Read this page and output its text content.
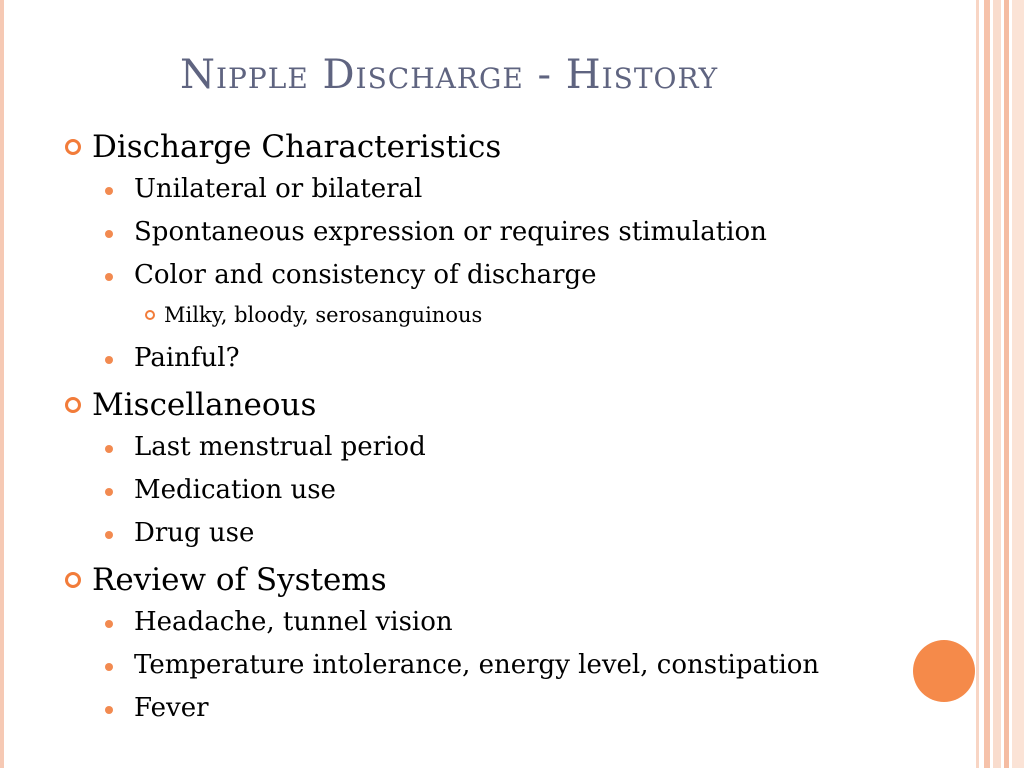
Nipple Discharge - History
Discharge Characteristics
Unilateral or bilateral
Spontaneous expression or requires stimulation
Color and consistency of discharge
Milky, bloody, serosanguinous
Painful?
Miscellaneous
Last menstrual period
Medication use
Drug use
Review of Systems
Headache, tunnel vision
Temperature intolerance, energy level, constipation
Fever
